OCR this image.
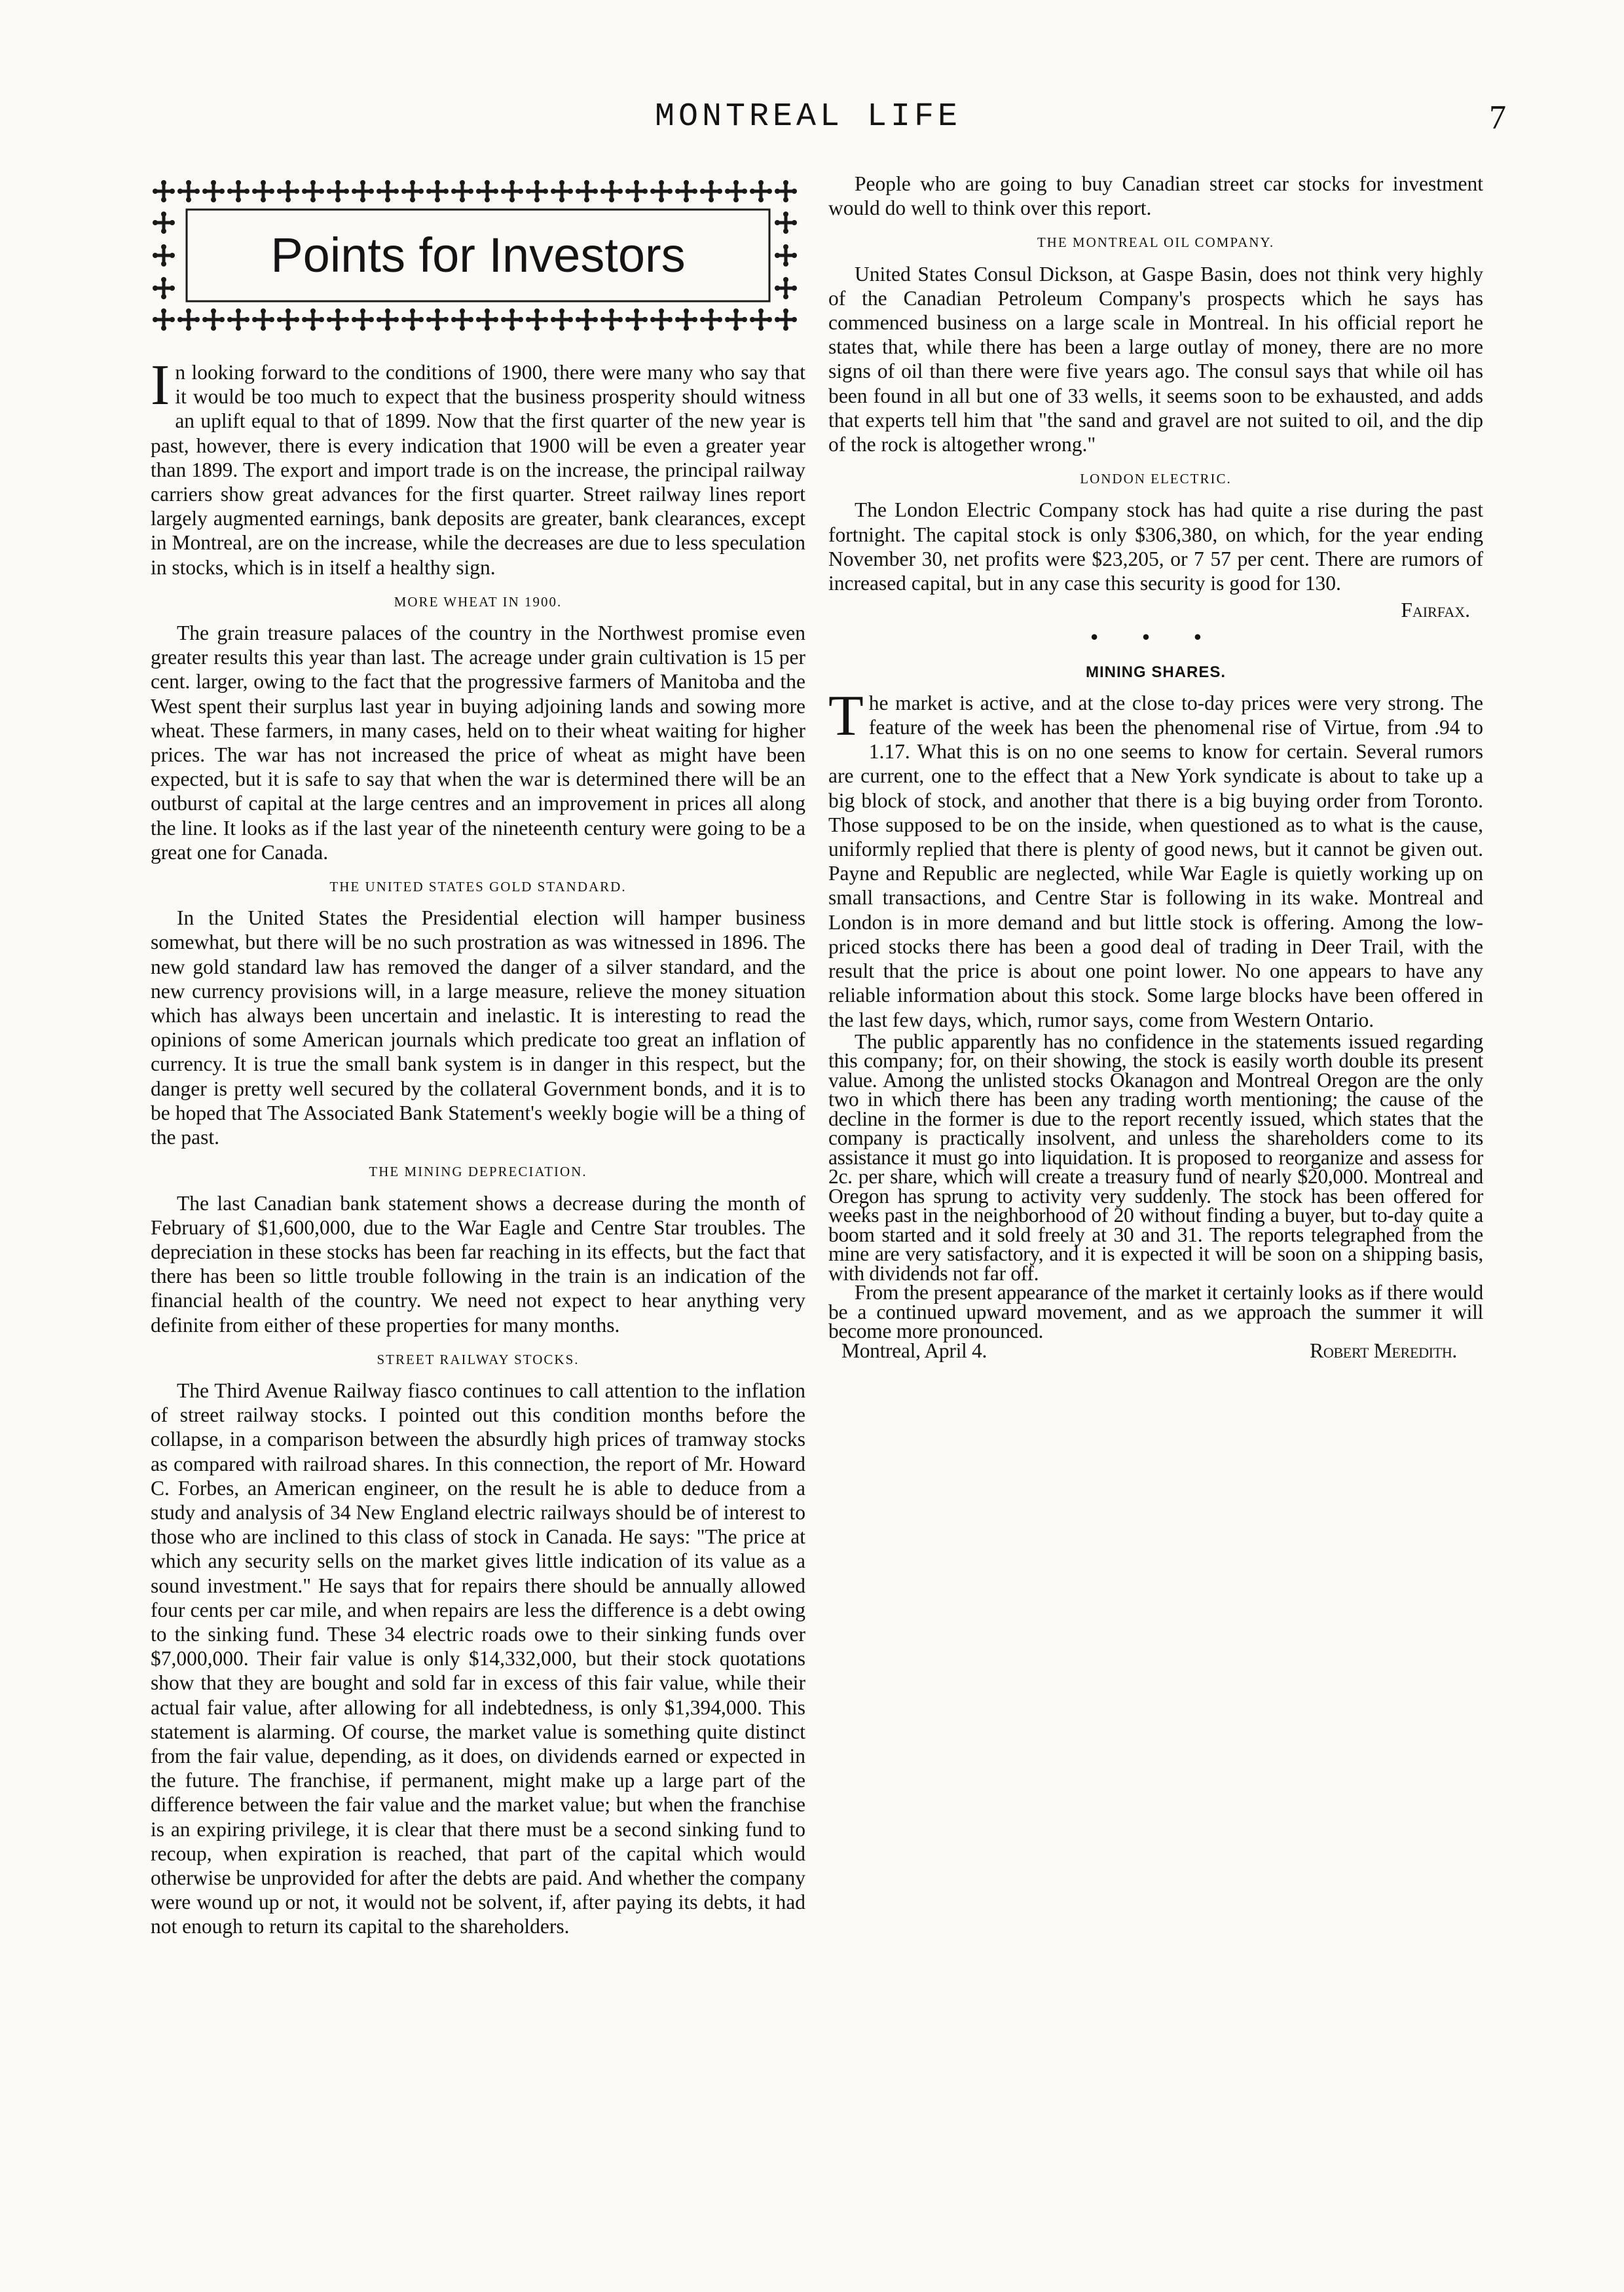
MONTREAL LIFE	7
Points for Investors

In looking forward to the conditions of 1900, there were many who say that it would be too much to expect that the business prosperity should witness an uplift equal to that of 1899. Now that the first quarter of the new year is past, however, there is every indication that 1900 will be even a greater year than 1899. The export and import trade is on the increase, the principal railway carriers show great advances for the first quarter. Street railway lines report largely augmented earnings, bank deposits are greater, bank clearances, except in Montreal, are on the increase, while the decreases are due to less speculation in stocks, which is in itself a healthy sign.

MORE WHEAT IN 1900.

The grain treasure palaces of the country in the Northwest promise even greater results this year than last. The acreage under grain cultivation is 15 per cent. larger, owing to the fact that the progressive farmers of Manitoba and the West spent their surplus last year in buying adjoining lands and sowing more wheat. These farmers, in many cases, held on to their wheat waiting for higher prices. The war has not increased the price of wheat as might have been expected, but it is safe to say that when the war is determined there will be an outburst of capital at the large centres and an improvement in prices all along the line. It looks as if the last year of the nineteenth century were going to be a great one for Canada.

THE UNITED STATES GOLD STANDARD.

In the United States the Presidential election will hamper business somewhat, but there will be no such prostration as was witnessed in 1896. The new gold standard law has removed the danger of a silver standard, and the new currency provisions will, in a large measure, relieve the money situation which has always been uncertain and inelastic. It is interesting to read the opinions of some American journals which predicate too great an inflation of currency. It is true the small bank system is in danger in this respect, but the danger is pretty well secured by the collateral Government bonds, and it is to be hoped that The Associated Bank Statement's weekly bogie will be a thing of the past.

THE MINING DEPRECIATION.

The last Canadian bank statement shows a decrease during the month of February of $1,600,000, due to the War Eagle and Centre Star troubles. The depreciation in these stocks has been far reaching in its effects, but the fact that there has been so little trouble following in the train is an indication of the financial health of the country. We need not expect to hear anything very definite from either of these properties for many months.

STREET RAILWAY STOCKS.

The Third Avenue Railway fiasco continues to call attention to the inflation of street railway stocks. I pointed out this condition months before the collapse, in a comparison between the absurdly high prices of tramway stocks as compared with railroad shares. In this connection, the report of Mr. Howard C. Forbes, an American engineer, on the result he is able to deduce from a study and analysis of 34 New England electric railways should be of interest to those who are inclined to this class of stock in Canada. He says: "The price at which any security sells on the market gives little indication of its value as a sound investment." He says that for repairs there should be annually allowed four cents per car mile, and when repairs are less the difference is a debt owing to the sinking fund. These 34 electric roads owe to their sinking funds over $7,000,000. Their fair value is only $14,332,000, but their stock quotations show that they are bought and sold far in excess of this fair value, while their actual fair value, after allowing for all indebtedness, is only $1,394,000. This statement is alarming. Of course, the market value is something quite distinct from the fair value, depending, as it does, on dividends earned or expected in the future. The franchise, if permanent, might make up a large part of the difference between the fair value and the market value; but when the franchise is an expiring privilege, it is clear that there must be a second sinking fund to recoup, when expiration is reached, that part of the capital which would otherwise be unprovided for after the debts are paid. And whether the company were wound up or not, it would not be solvent, if, after paying its debts, it had not enough to return its capital to the shareholders.

People who are going to buy Canadian street car stocks for investment would do well to think over this report.

THE MONTREAL OIL COMPANY.

United States Consul Dickson, at Gaspe Basin, does not think very highly of the Canadian Petroleum Company's prospects which he says has commenced business on a large scale in Montreal. In his official report he states that, while there has been a large outlay of money, there are no more signs of oil than there were five years ago. The consul says that while oil has been found in all but one of 33 wells, it seems soon to be exhausted, and adds that experts tell him that "the sand and gravel are not suited to oil, and the dip of the rock is altogether wrong."

LONDON ELECTRIC.

The London Electric Company stock has had quite a rise during the past fortnight. The capital stock is only $306,380, on which, for the year ending November 30, net profits were $23,205, or 7 57 per cent. There are rumors of increased capital, but in any case this security is good for 130.

Fairfax.
• • •
MINING SHARES.

The market is active, and at the close to-day prices were very strong. The feature of the week has been the phenomenal rise of Virtue, from .94 to 1.17. What this is on no one seems to know for certain. Several rumors are current, one to the effect that a New York syndicate is about to take up a big block of stock, and another that there is a big buying order from Toronto. Those supposed to be on the inside, when questioned as to what is the cause, uniformly replied that there is plenty of good news, but it cannot be given out. Payne and Republic are neglected, while War Eagle is quietly working up on small transactions, and Centre Star is following in its wake. Montreal and London is in more demand and but little stock is offering. Among the low-priced stocks there has been a good deal of trading in Deer Trail, with the result that the price is about one point lower. No one appears to have any reliable information about this stock. Some large blocks have been offered in the last few days, which, rumor says, come from Western Ontario.

The public apparently has no confidence in the statements issued regarding this company; for, on their showing, the stock is easily worth double its present value. Among the unlisted stocks Okanagon and Montreal Oregon are the only two in which there has been any trading worth mentioning; the cause of the decline in the former is due to the report recently issued, which states that the company is practically insolvent, and unless the shareholders come to its assistance it must go into liquidation. It is proposed to reorganize and assess for 2c. per share, which will create a treasury fund of nearly $20,000. Montreal and Oregon has sprung to activity very suddenly. The stock has been offered for weeks past in the neighborhood of 20 without finding a buyer, but to-day quite a boom started and it sold freely at 30 and 31. The reports telegraphed from the mine are very satisfactory, and it is expected it will be soon on a shipping basis, with dividends not far off.

From the present appearance of the market it certainly looks as if there would be a continued upward movement, and as we approach the summer it will become more pronounced.

Montreal, April 4.	Robert Meredith.
